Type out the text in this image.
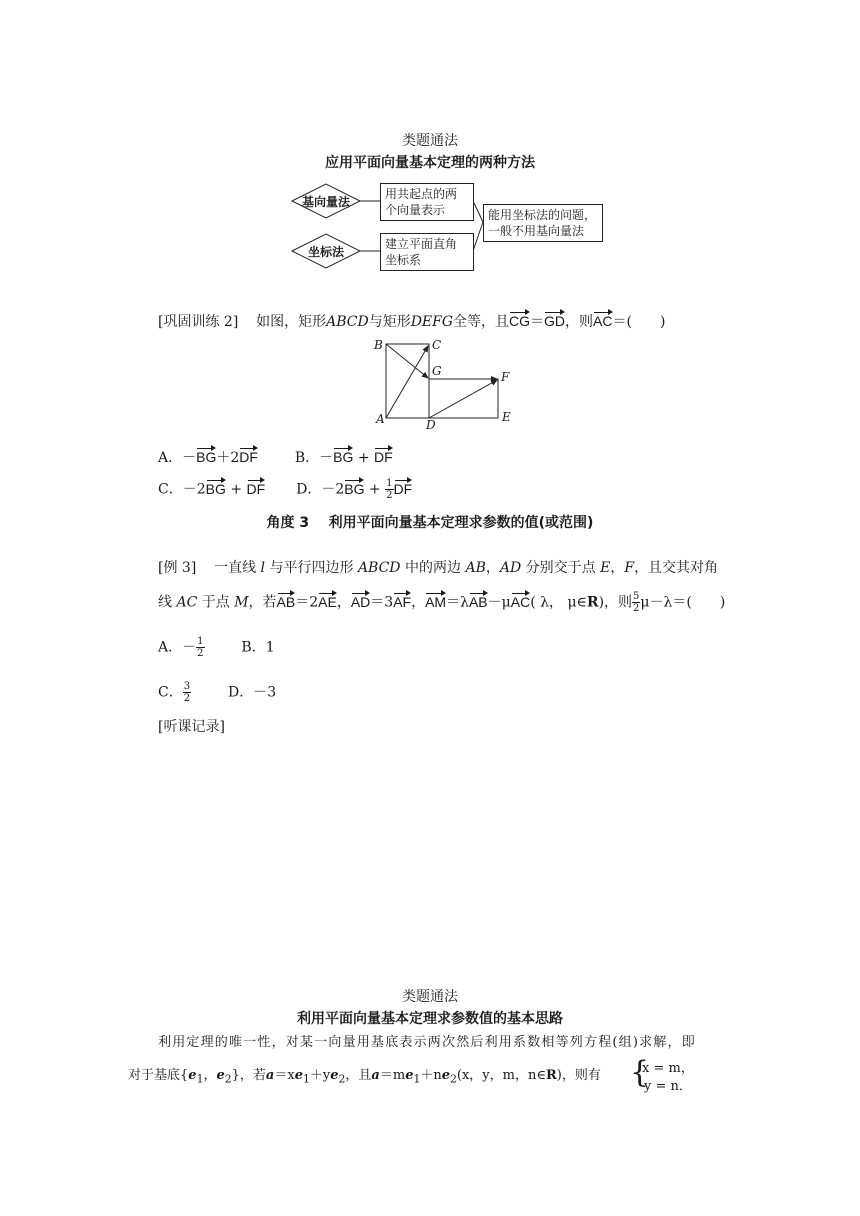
类题通法
应用平面向量基本定理的两种方法
基向量法
坐标法
用共起点的两
个向量表示
建立平面直角
坐标系
能用坐标法的问题，
一般不用基向量法
[巩固训练 2] 如图，矩形ABCD与矩形DEFG全等，且CG＝GD，则AC＝(　　)
B	C
G	F
A	D
E
A．－BG＋2DF	B．－BG + DF
C．－2BG + DF D．$-2BG + \frac{1}{2}$ DF
角度 3 利用平面向量基本定理求参数的值(或范围)
[例 3] 一直线 l 与平行四边形 ABCD 中的两边 AB，AD 分别交于点 E，F，且交其对角
线 AC 于点 M，若AB＝2AE，AD＝3AF，AM＝λAB－μAC( λ， μ∈R)，则 $\frac{5}{2} \mu-\lambda=$(　　)
A．－ $\frac{1}{2}$	B．1
C． $\frac{3}{2}$	D．－3
[听课记录]
类题通法
利用平面向量基本定理求参数值的基本思路
利用定理的唯一性，对某一向量用基底表示两次然后利用系数相等列方程(组)求解，即
对于基底{$e_1$，$e_2$}，若$a=xe_1+ye_2$，且$a=me_1+ne_2(x$，y，m，n∈R)，则有 {
x = m，
y = n．
